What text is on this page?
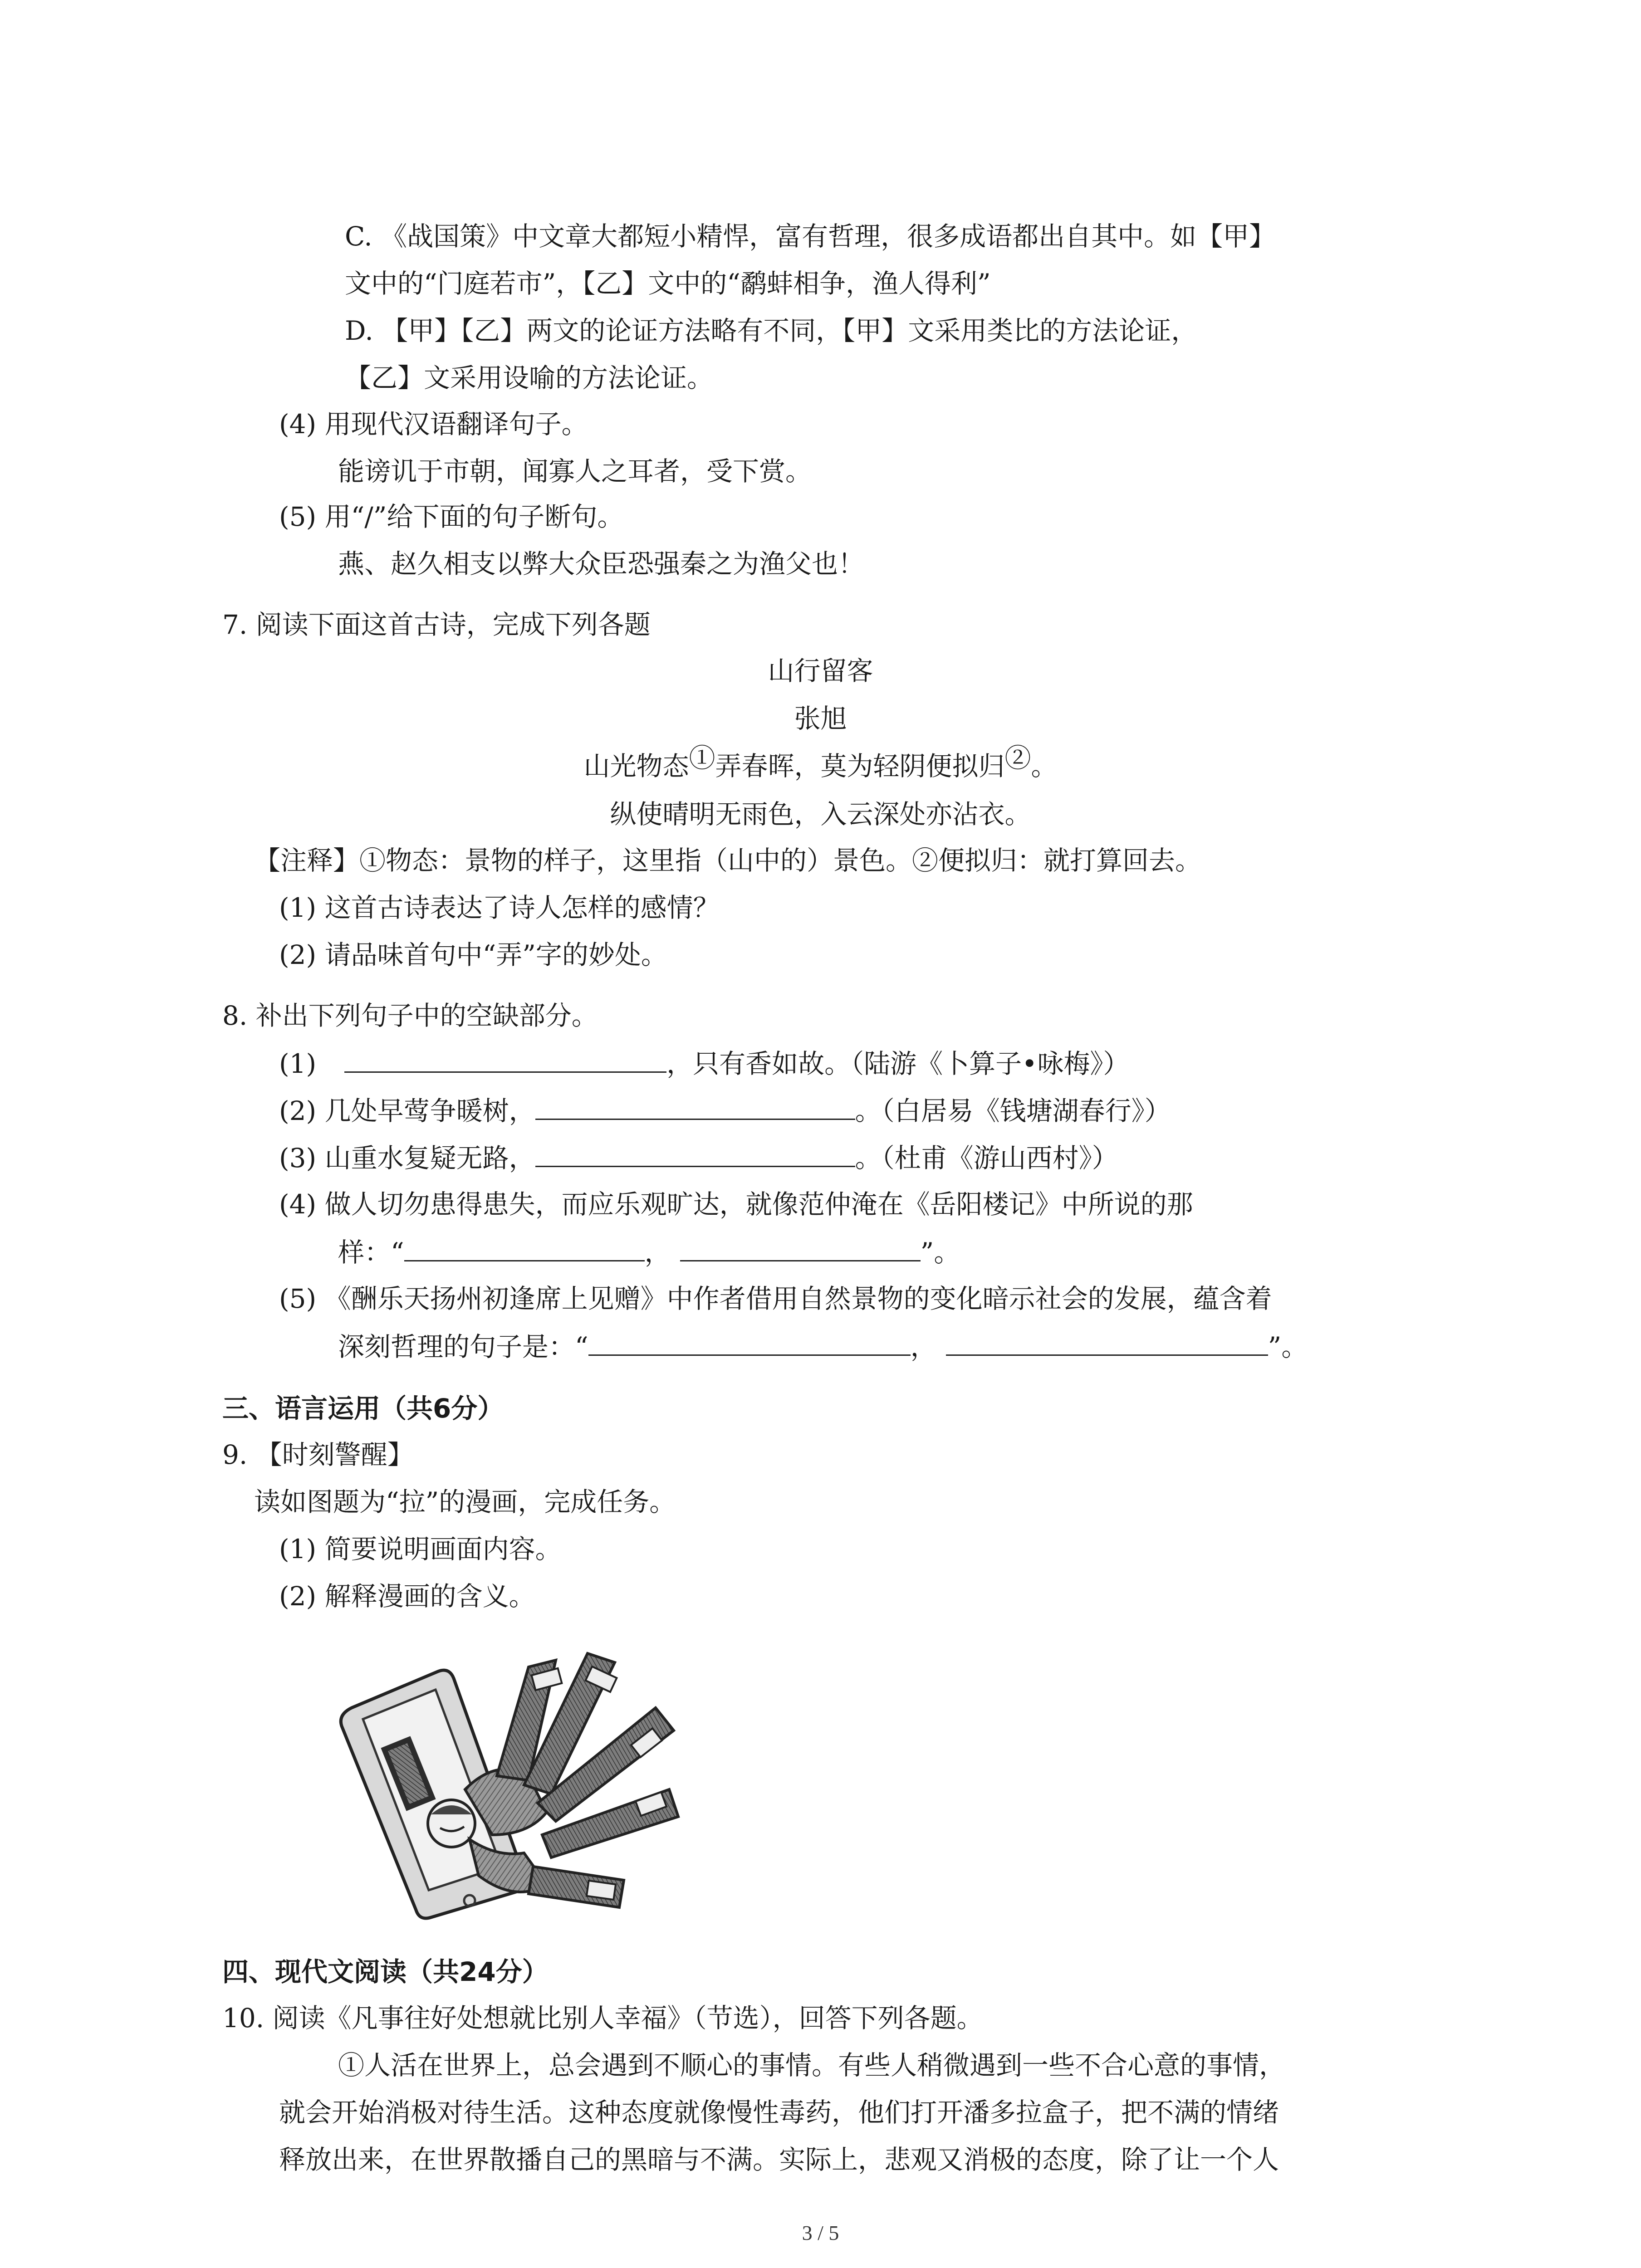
C. 《战国策》中文章大都短小精悍，富有哲理，很多成语都出自其中。如【甲】
文中的“门庭若市”，【乙】文中的“鹬蚌相争，渔人得利”
D. 【甲】【乙】两文的论证方法略有不同，【甲】文采用类比的方法论证，
【乙】文采用设喻的方法论证。
(4) 用现代汉语翻译句子。
能谤讥于市朝，闻寡人之耳者，受下赏。
(5) 用“/”给下面的句子断句。
燕、赵久相支以弊大众臣恐强秦之为渔父也！
7. 阅读下面这首古诗，完成下列各题
山行留客
张旭
山光物态①弄春晖，莫为轻阴便拟归②。
纵使晴明无雨色，入云深处亦沾衣。
【注释】①物态：景物的样子，这里指（山中的）景色。②便拟归：就打算回去。
(1) 这首古诗表达了诗人怎样的感情？
(2) 请品味首句中“弄”字的妙处。
8. 补出下列句子中的空缺部分。
(1)	，只有香如故。（陆游《卜算子•咏梅》）
(2) 几处早莺争暖树，	。（白居易《钱塘湖春行》）
(3) 山重水复疑无路，	。（杜甫《游山西村》）
(4) 做人切勿患得患失，而应乐观旷达，就像范仲淹在《岳阳楼记》中所说的那
样：“	，	”。
(5) 《酬乐天扬州初逢席上见赠》中作者借用自然景物的变化暗示社会的发展，蕴含着
深刻哲理的句子是：“	，	”。
三、语言运用（共6分）
9. 【时刻警醒】
读如图题为“拉”的漫画，完成任务。
(1) 简要说明画面内容。
(2) 解释漫画的含义。
四、现代文阅读（共24分）
10. 阅读《凡事往好处想就比别人幸福》（节选），回答下列各题。
①人活在世界上，总会遇到不顺心的事情。有些人稍微遇到一些不合心意的事情，
就会开始消极对待生活。这种态度就像慢性毒药，他们打开潘多拉盒子，把不满的情绪
释放出来，在世界散播自己的黑暗与不满。实际上，悲观又消极的态度，除了让一个人
3 / 5
